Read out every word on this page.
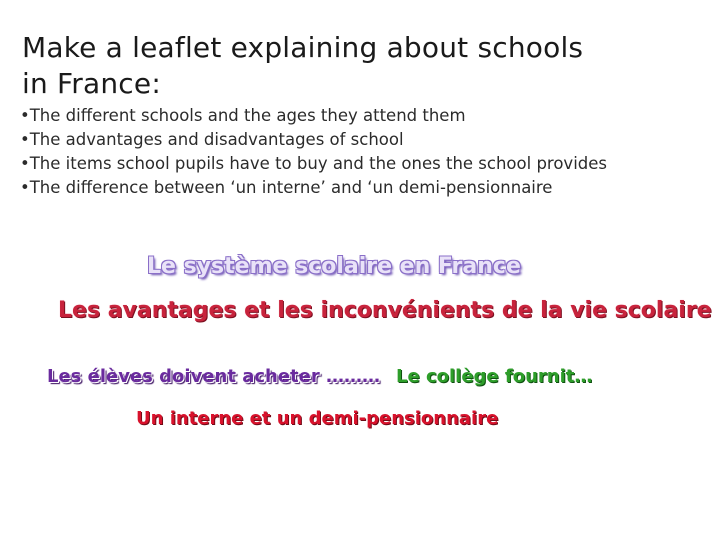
Make a leaflet explaining about schools
in France:
•The different schools and the ages they attend them
•The advantages and disadvantages of school
•The items school pupils have to buy and the ones the school provides
•The difference between ‘un interne’ and ‘un demi-pensionnaire
Le système scolaire en France
Les avantages et les inconvénients de la vie scolaire
Les élèves doivent acheter ……… Le collège fournit…
Un interne et un demi-pensionnaire
